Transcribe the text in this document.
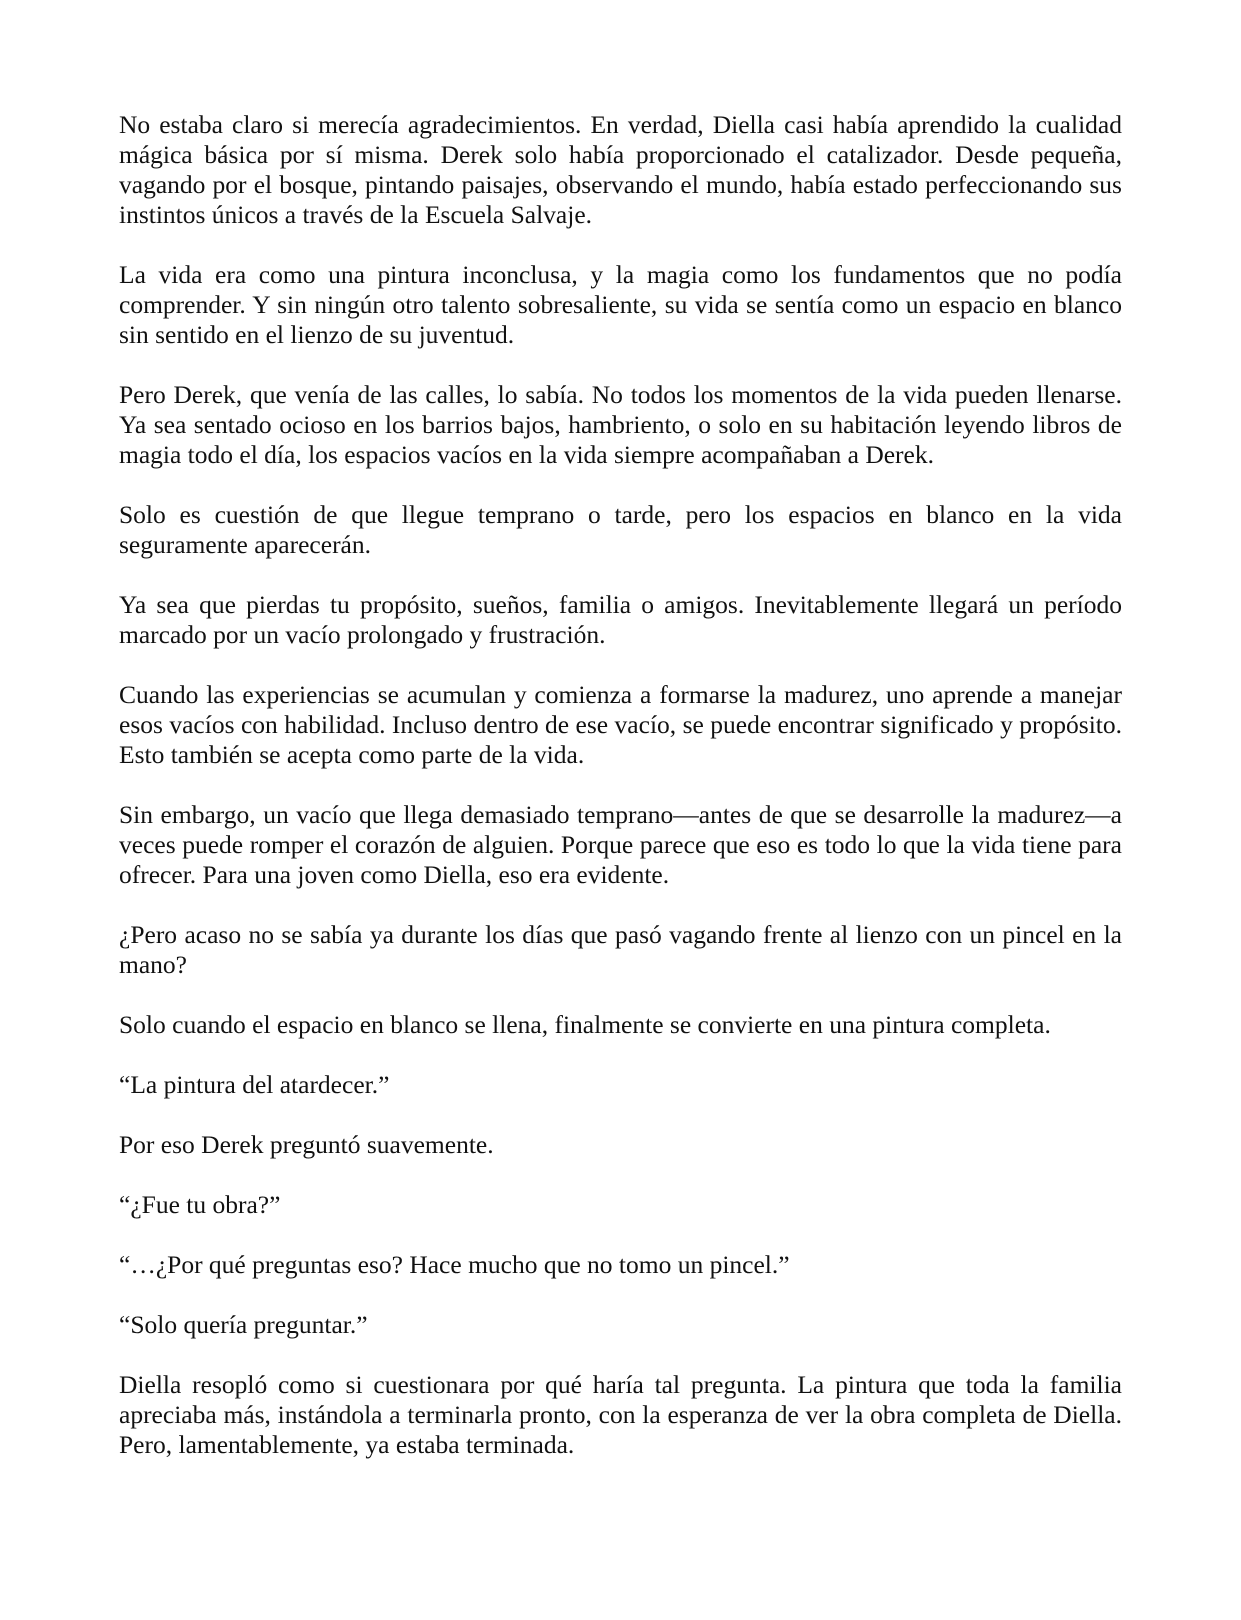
No estaba claro si merecía agradecimientos. En verdad, Diella casi había aprendido la cualidad mágica básica por sí misma. Derek solo había proporcionado el catalizador. Desde pequeña, vagando por el bosque, pintando paisajes, observando el mundo, había estado perfeccionando sus instintos únicos a través de la Escuela Salvaje.

La vida era como una pintura inconclusa, y la magia como los fundamentos que no podía comprender. Y sin ningún otro talento sobresaliente, su vida se sentía como un espacio en blanco sin sentido en el lienzo de su juventud.

Pero Derek, que venía de las calles, lo sabía. No todos los momentos de la vida pueden llenarse. Ya sea sentado ocioso en los barrios bajos, hambriento, o solo en su habitación leyendo libros de magia todo el día, los espacios vacíos en la vida siempre acompañaban a Derek.

Solo es cuestión de que llegue temprano o tarde, pero los espacios en blanco en la vida seguramente aparecerán.

Ya sea que pierdas tu propósito, sueños, familia o amigos. Inevitablemente llegará un período marcado por un vacío prolongado y frustración.

Cuando las experiencias se acumulan y comienza a formarse la madurez, uno aprende a manejar esos vacíos con habilidad. Incluso dentro de ese vacío, se puede encontrar significado y propósito. Esto también se acepta como parte de la vida.

Sin embargo, un vacío que llega demasiado temprano—antes de que se desarrolle la madurez—a veces puede romper el corazón de alguien. Porque parece que eso es todo lo que la vida tiene para ofrecer. Para una joven como Diella, eso era evidente.

¿Pero acaso no se sabía ya durante los días que pasó vagando frente al lienzo con un pincel en la mano?

Solo cuando el espacio en blanco se llena, finalmente se convierte en una pintura completa.

“La pintura del atardecer.”

Por eso Derek preguntó suavemente.

“¿Fue tu obra?”

“…¿Por qué preguntas eso? Hace mucho que no tomo un pincel.”

“Solo quería preguntar.”

Diella resopló como si cuestionara por qué haría tal pregunta. La pintura que toda la familia apreciaba más, instándola a terminarla pronto, con la esperanza de ver la obra completa de Diella. Pero, lamentablemente, ya estaba terminada.
